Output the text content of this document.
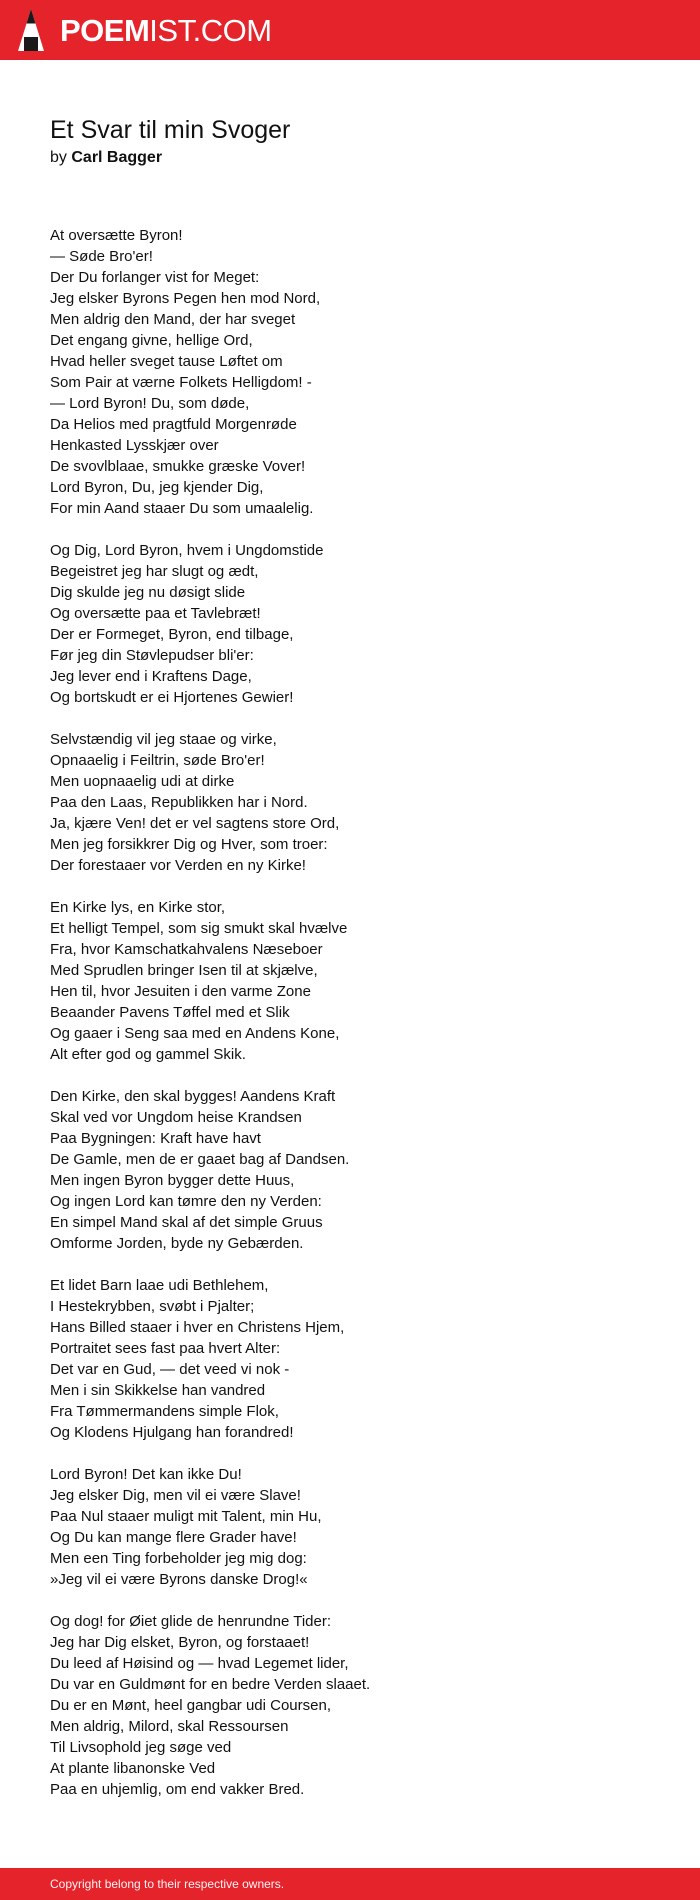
POEMIST.COM
Et Svar til min Svoger
by Carl Bagger
At oversætte Byron!
— Søde Bro'er!
Der Du forlanger vist for Meget:
Jeg elsker Byrons Pegen hen mod Nord,
Men aldrig den Mand, der har sveget
Det engang givne, hellige Ord,
Hvad heller sveget tause Løftet om
Som Pair at værne Folkets Helligdom! -
— Lord Byron! Du, som døde,
Da Helios med pragtfuld Morgenrøde
Henkasted Lysskjær over
De svovlblaae, smukke græske Vover!
Lord Byron, Du, jeg kjender Dig,
For min Aand staaer Du som umaalelig.
Og Dig, Lord Byron, hvem i Ungdomstide
Begeistret jeg har slugt og ædt,
Dig skulde jeg nu døsigt slide
Og oversætte paa et Tavlebræt!
Der er Formeget, Byron, end tilbage,
Før jeg din Støvlepudser bli'er:
Jeg lever end i Kraftens Dage,
Og bortskudt er ei Hjortenes Gewier!
Selvstændig vil jeg staae og virke,
Opnaaelig i Feiltrin, søde Bro'er!
Men uopnaaelig udi at dirke
Paa den Laas, Republikken har i Nord.
Ja, kjære Ven! det er vel sagtens store Ord,
Men jeg forsikkrer Dig og Hver, som troer:
Der forestaaer vor Verden en ny Kirke!
En Kirke lys, en Kirke stor,
Et helligt Tempel, som sig smukt skal hvælve
Fra, hvor Kamschatkahvalens Næseboer
Med Sprudlen bringer Isen til at skjælve,
Hen til, hvor Jesuiten i den varme Zone
Beaander Pavens Tøffel med et Slik
Og gaaer i Seng saa med en Andens Kone,
Alt efter god og gammel Skik.
Den Kirke, den skal bygges! Aandens Kraft
Skal ved vor Ungdom heise Krandsen
Paa Bygningen: Kraft have havt
De Gamle, men de er gaaet bag af Dandsen.
Men ingen Byron bygger dette Huus,
Og ingen Lord kan tømre den ny Verden:
En simpel Mand skal af det simple Gruus
Omforme Jorden, byde ny Gebærden.
Et lidet Barn laae udi Bethlehem,
I Hestekrybben, svøbt i Pjalter;
Hans Billed staaer i hver en Christens Hjem,
Portraitet sees fast paa hvert Alter:
Det var en Gud, — det veed vi nok -
Men i sin Skikkelse han vandred
Fra Tømmermandens simple Flok,
Og Klodens Hjulgang han forandred!
Lord Byron! Det kan ikke Du!
Jeg elsker Dig, men vil ei være Slave!
Paa Nul staaer muligt mit Talent, min Hu,
Og Du kan mange flere Grader have!
Men een Ting forbeholder jeg mig dog:
»Jeg vil ei være Byrons danske Drog!«
Og dog! for Øiet glide de henrundne Tider:
Jeg har Dig elsket, Byron, og forstaaet!
Du leed af Høisind og — hvad Legemet lider,
Du var en Guldmønt for en bedre Verden slaaet.
Du er en Mønt, heel gangbar udi Coursen,
Men aldrig, Milord, skal Ressoursen
Til Livsophold jeg søge ved
At plante libanonske Ved
Paa en uhjemlig, om end vakker Bred.
Copyright belong to their respective owners.
